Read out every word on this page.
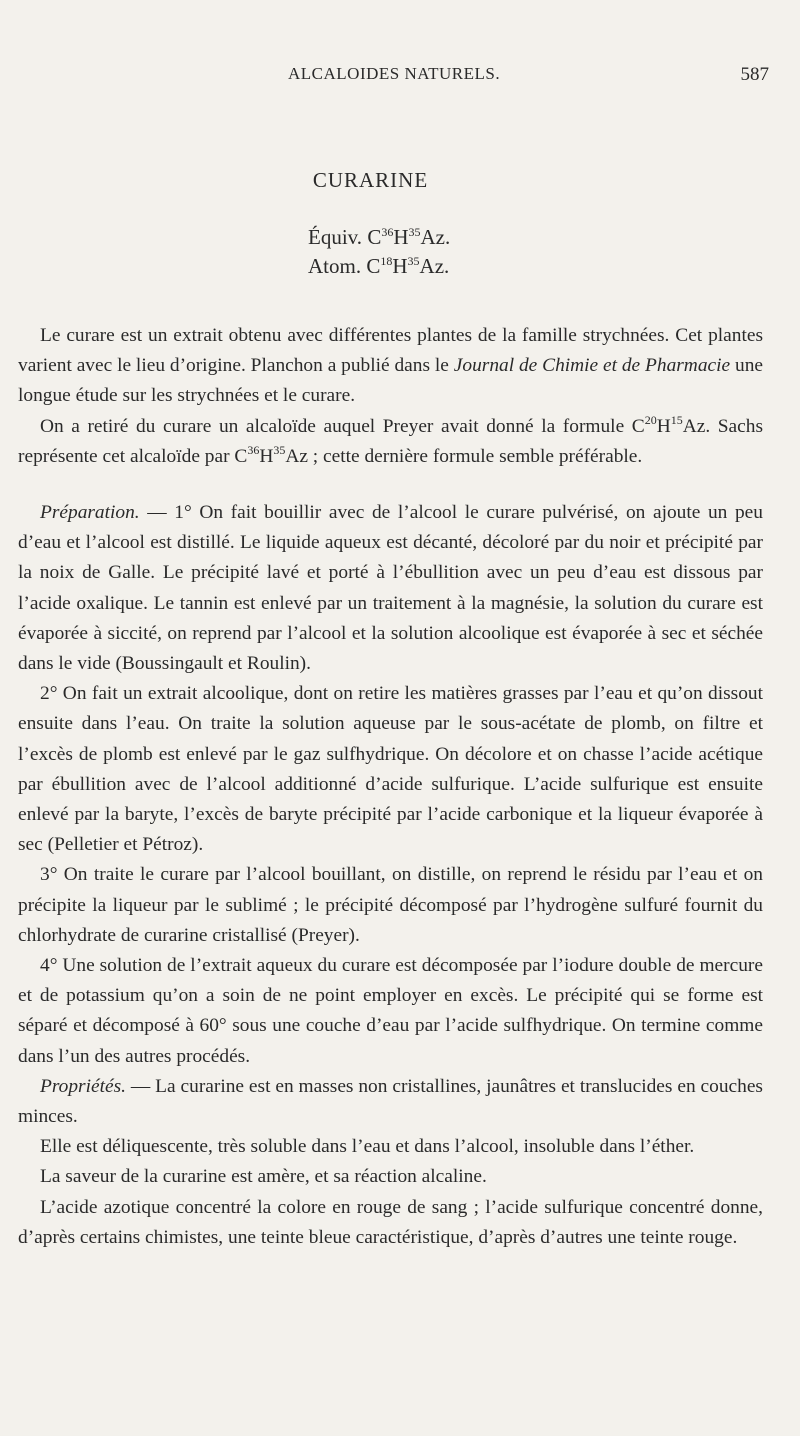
ALCALOIDES NATURELS.	587
CURARINE
Équiv. $C^{36}H^{35}Az$.
Atom. $C^{18}H^{35}Az$.

Le curare est un extrait obtenu avec différentes plantes de la famille strychnées. Cet plantes varient avec le lieu d’origine. Planchon a publié dans le Journal de Chimie et de Pharmacie une longue étude sur les strychnées et le curare.

On a retiré du curare un alcaloïde auquel Preyer avait donné la formule $C^{20}H^{15}Az$. Sachs représente cet alcaloïde par $C^{36}H^{35}Az$ ; cette dernière formule semble préférable.

Préparation. — 1° On fait bouillir avec de l’alcool le curare pulvérisé, on ajoute un peu d’eau et l’alcool est distillé. Le liquide aqueux est décanté, décoloré par du noir et précipité par la noix de Galle. Le précipité lavé et porté à l’ébullition avec un peu d’eau est dissous par l’acide oxalique. Le tannin est enlevé par un traitement à la magnésie, la solution du curare est évaporée à siccité, on reprend par l’alcool et la solution alcoolique est évaporée à sec et séchée dans le vide (Boussingault et Roulin).

2° On fait un extrait alcoolique, dont on retire les matières grasses par l’eau et qu’on dissout ensuite dans l’eau. On traite la solution aqueuse par le sous-acétate de plomb, on filtre et l’excès de plomb est enlevé par le gaz sulfhydrique. On décolore et on chasse l’acide acétique par ébullition avec de l’alcool additionné d’acide sulfurique. L’acide sulfurique est ensuite enlevé par la baryte, l’excès de baryte précipité par l’acide carbonique et la liqueur évaporée à sec (Pelletier et Pétroz).

3° On traite le curare par l’alcool bouillant, on distille, on reprend le résidu par l’eau et on précipite la liqueur par le sublimé ; le précipité décomposé par l’hydrogène sulfuré fournit du chlorhydrate de curarine cristallisé (Preyer).

4° Une solution de l’extrait aqueux du curare est décomposée par l’iodure double de mercure et de potassium qu’on a soin de ne point employer en excès. Le précipité qui se forme est séparé et décomposé à 60° sous une couche d’eau par l’acide sulfhydrique. On termine comme dans l’un des autres procédés.

Propriétés. — La curarine est en masses non cristallines, jaunâtres et translucides en couches minces.

Elle est déliquescente, très soluble dans l’eau et dans l’alcool, insoluble dans l’éther.

La saveur de la curarine est amère, et sa réaction alcaline.

L’acide azotique concentré la colore en rouge de sang ; l’acide sulfurique concentré donne, d’après certains chimistes, une teinte bleue caractéristique, d’après d’autres une teinte rouge.
